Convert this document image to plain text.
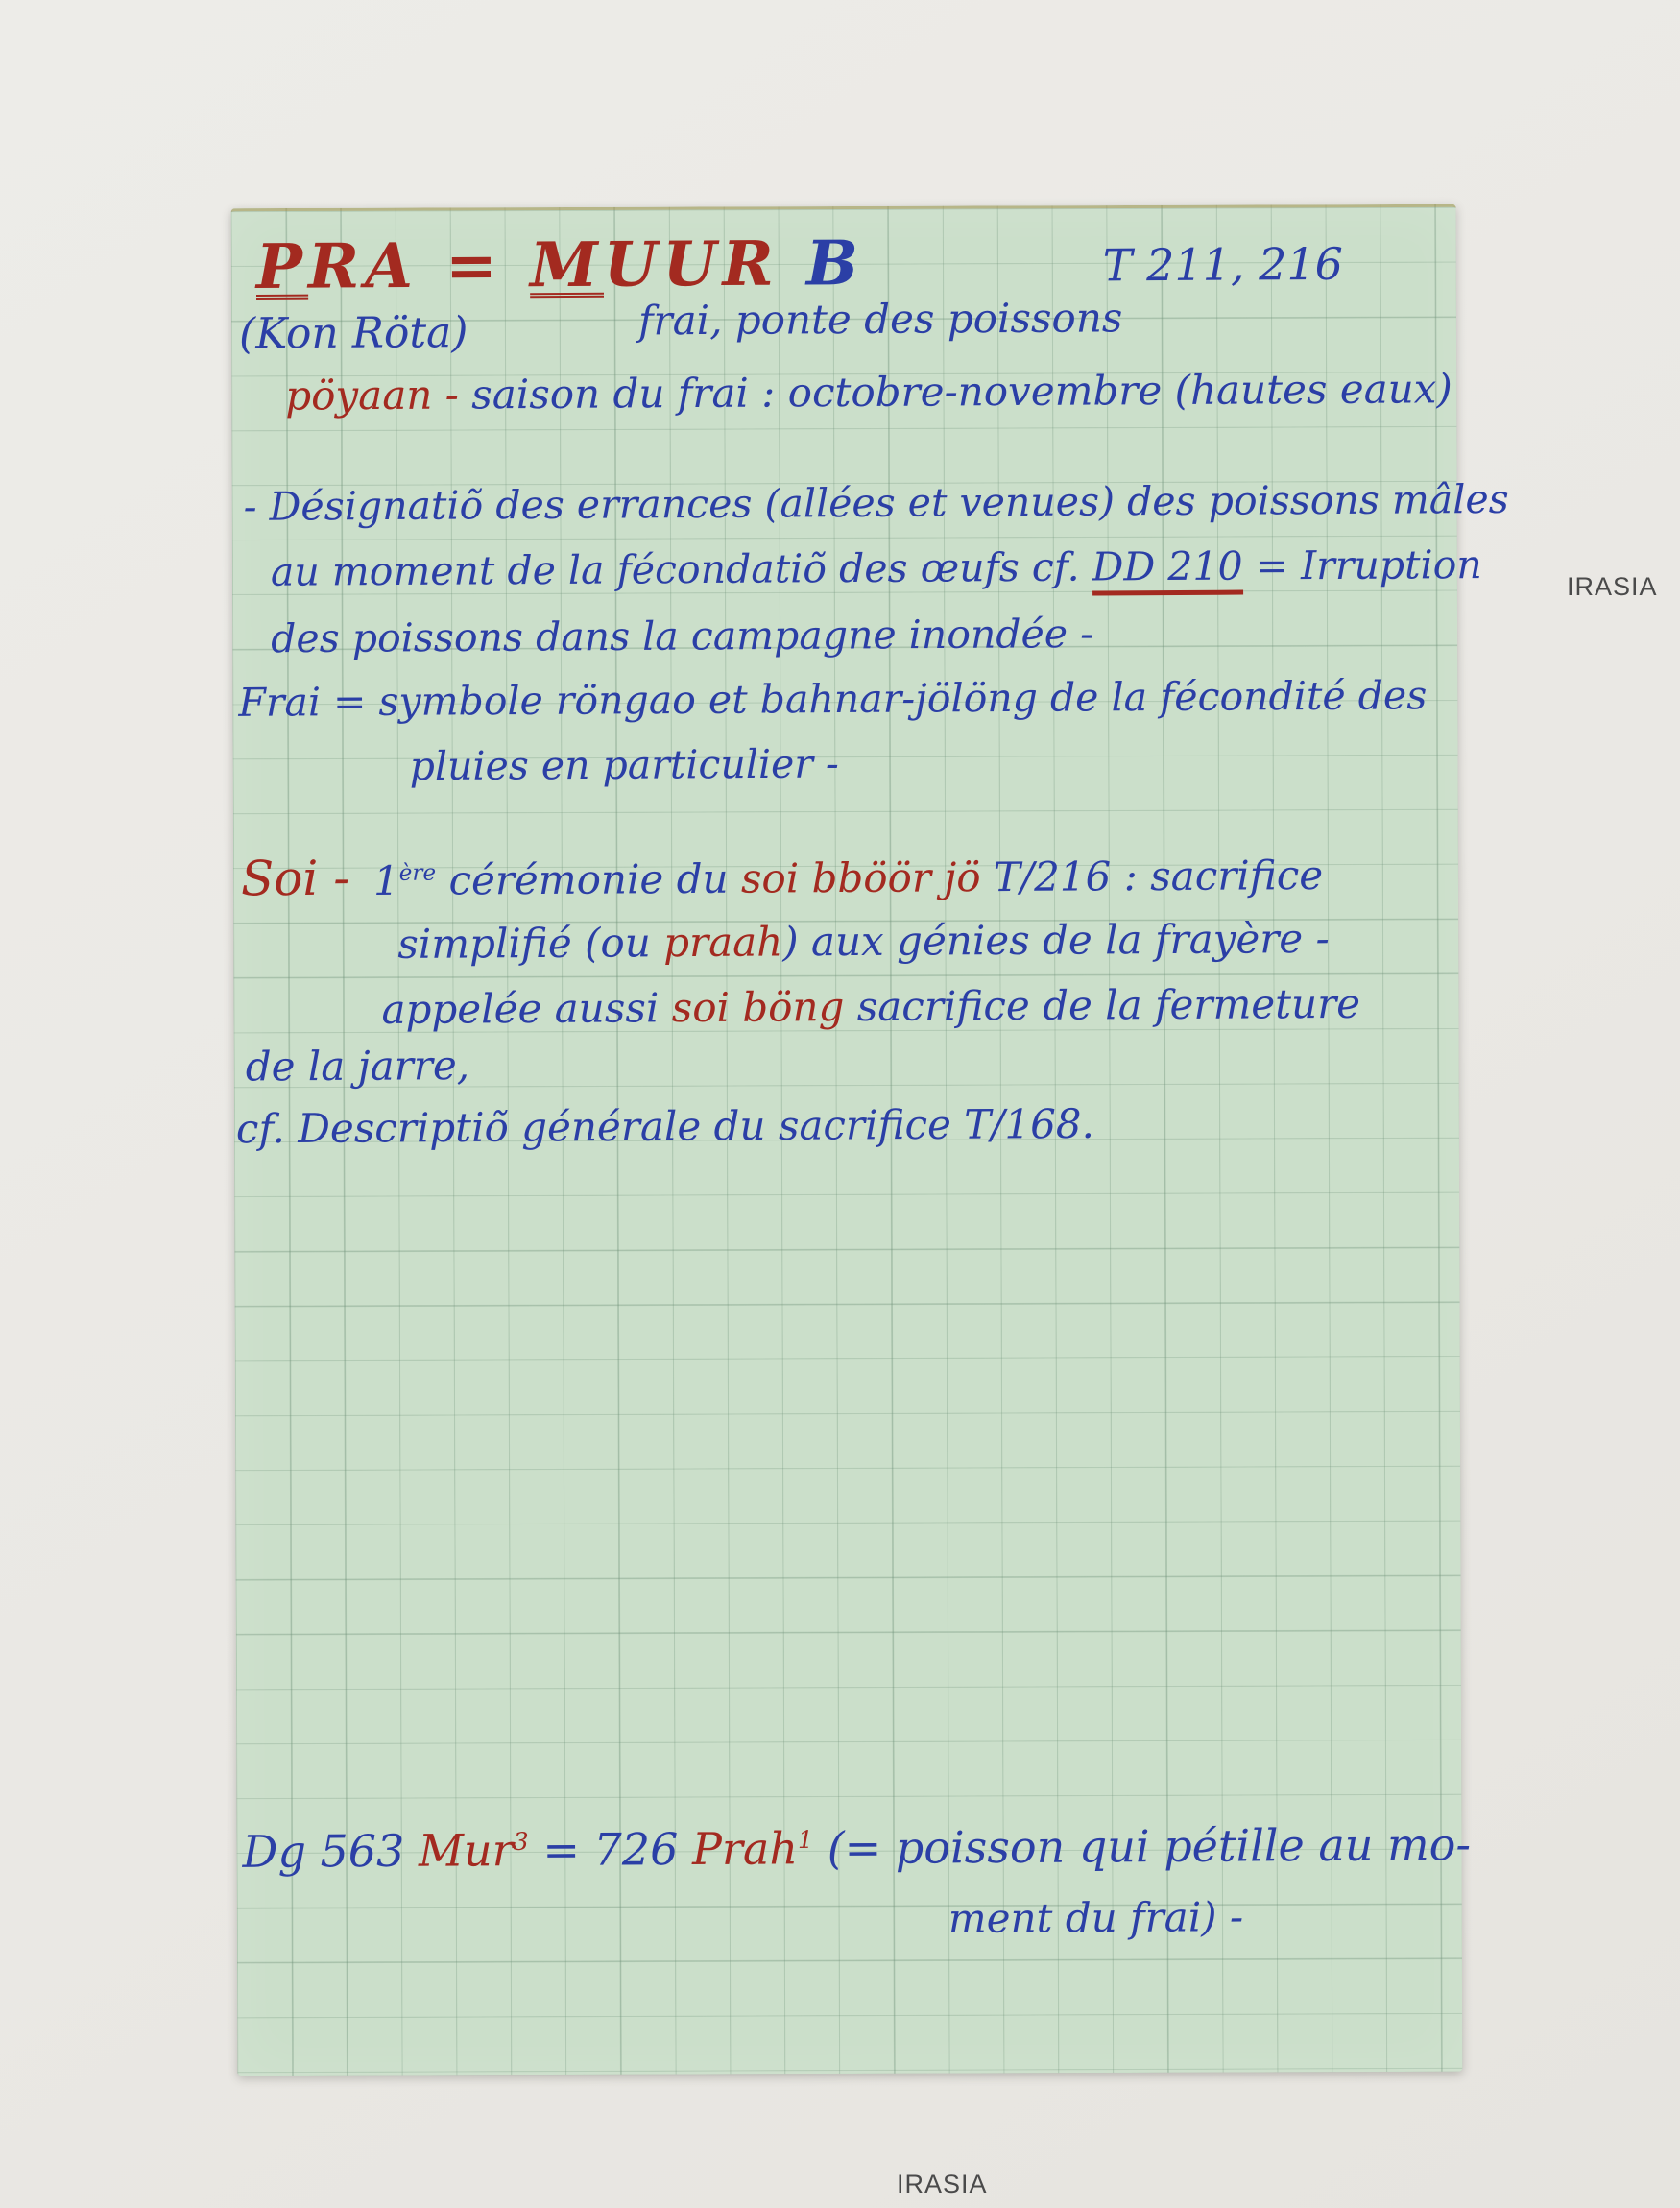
PRA = MUUR B	T 211, 216
(Kon Röta)	frai, ponte des poissons
pöyaan - saison du frai : octobre-novembre (hautes eaux)
- Désignatiõ des errances (allées et venues) des poissons mâles
au moment de la fécondatiõ des œufs cf. DD 210 = Irruption
des poissons dans la campagne inondée -
Frai = symbole röngao et bahnar-jölöng de la fécondité des
pluies en particulier -
Soi - 1ère cérémonie du soi bböör jö T/216 : sacrifice
simplifié (ou praah) aux génies de la frayère -
appelée aussi soi böng sacrifice de la fermeture
de la jarre,
cf. Descriptiõ générale du sacrifice T/168.
Dg 563 Mur$^3$ = 726 Prah$^1$ (= poisson qui pétille au mo-
ment du frai) -
IRASIA
IRASIA
